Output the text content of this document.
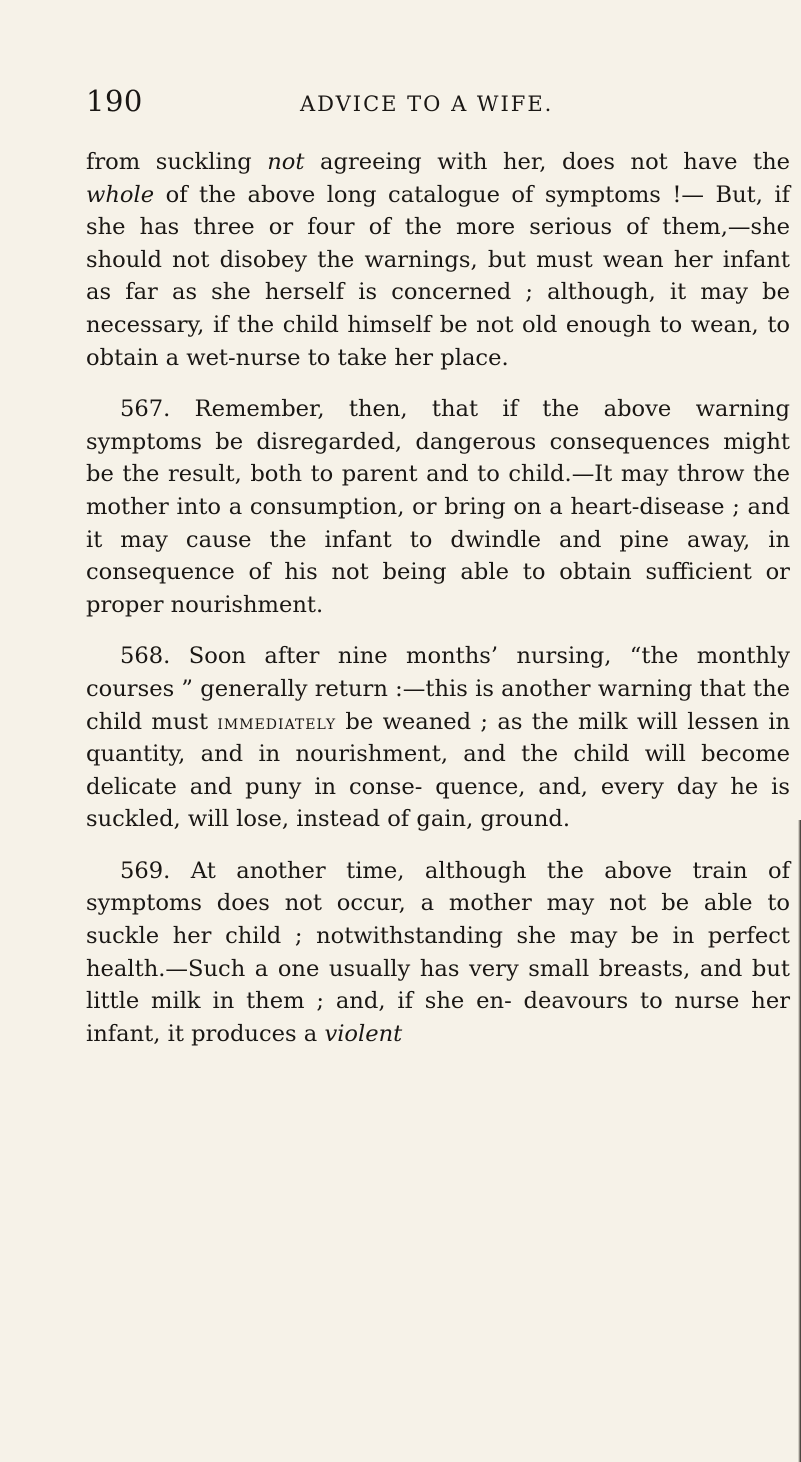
190	ADVICE TO A WIFE.

from suckling not agreeing with her, does not have the whole of the above long catalogue of symptoms !— But, if she has three or four of the more serious of them,—she should not disobey the warnings, but must wean her infant as far as she herself is concerned ; although, it may be necessary, if the child himself be not old enough to wean, to obtain a wet-nurse to take her place.

567. Remember, then, that if the above warning symptoms be disregarded, dangerous consequences might be the result, both to parent and to child.—It may throw the mother into a consumption, or bring on a heart-disease ; and it may cause the infant to dwindle and pine away, in consequence of his not being able to obtain sufficient or proper nourishment.

568. Soon after nine months’ nursing, “the monthly courses ” generally return :—this is another warning that the child must immediately be weaned ; as the milk will lessen in quantity, and in nourishment, and the child will become delicate and puny in conse- quence, and, every day he is suckled, will lose, instead of gain, ground.

569. At another time, although the above train of symptoms does not occur, a mother may not be able to suckle her child ; notwithstanding she may be in perfect health.—Such a one usually has very small breasts, and but little milk in them ; and, if she en- deavours to nurse her infant, it produces a violent
